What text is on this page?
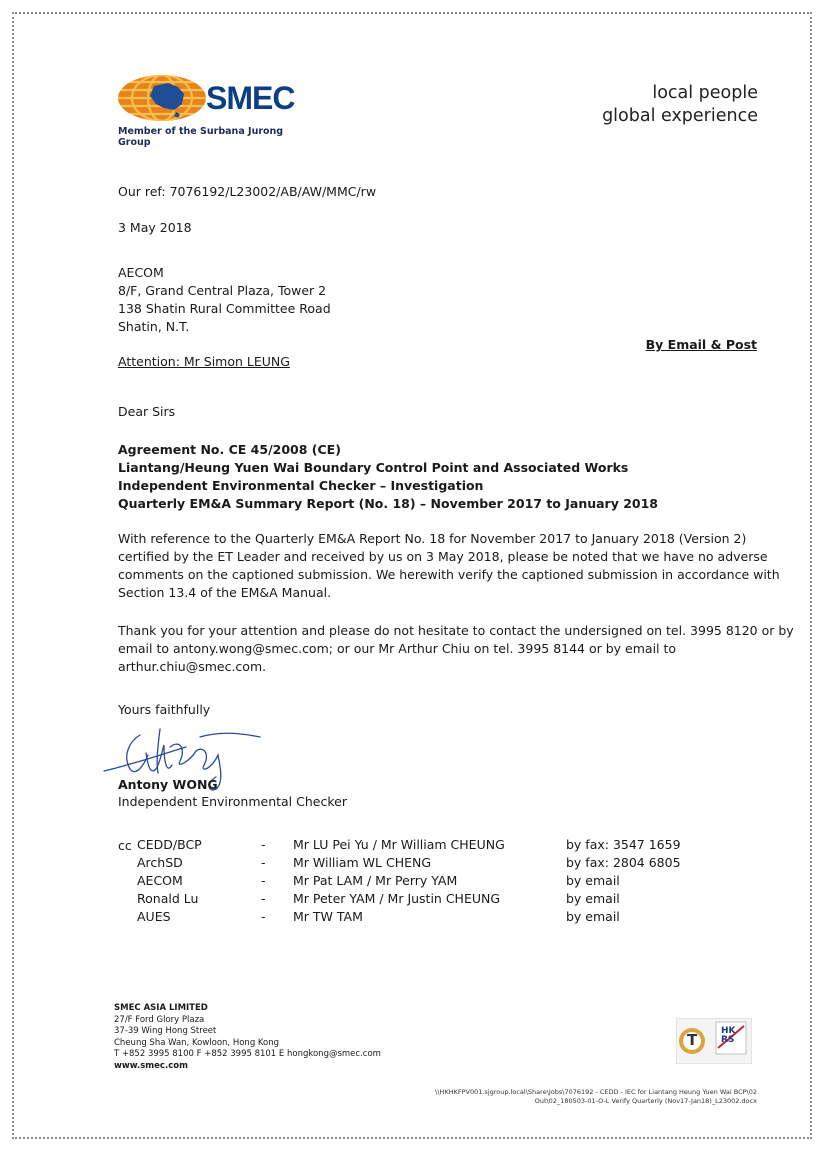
SMEC
Member of the Surbana Jurong Group
local people
global experience
Our ref: 7076192/L23002/AB/AW/MMC/rw
3 May 2018
AECOM
8/F, Grand Central Plaza, Tower 2
138 Shatin Rural Committee Road
Shatin, N.T.
By Email & Post
Attention: Mr Simon LEUNG
Dear Sirs
Agreement No. CE 45/2008 (CE)
Liantang/Heung Yuen Wai Boundary Control Point and Associated Works
Independent Environmental Checker – Investigation
Quarterly EM&A Summary Report (No. 18) – November 2017 to January 2018
With reference to the Quarterly EM&A Report No. 18 for November 2017 to January 2018 (Version 2)
certified by the ET Leader and received by us on 3 May 2018, please be noted that we have no adverse
comments on the captioned submission. We herewith verify the captioned submission in accordance with
Section 13.4 of the EM&A Manual.
Thank you for your attention and please do not hesitate to contact the undersigned on tel. 3995 8120 or by
email to antony.wong@smec.com; or our Mr Arthur Chiu on tel. 3995 8144 or by email to
arthur.chiu@smec.com.
Yours faithfully
Antony WONG
Independent Environmental Checker
cc CEDD/BCP	- Mr LU Pei Yu / Mr William CHEUNG	by fax: 3547 1659
ArchSD	- Mr William WL CHENG	by fax: 2804 6805
AECOM	- Mr Pat LAM / Mr Perry YAM	by email
Ronald Lu	- Mr Peter YAM / Mr Justin CHEUNG	by email
AUES	- Mr TW TAM	by email
SMEC ASIA LIMITED
27/F Ford Glory Plaza
37-39 Wing Hong Street
Cheung Sha Wan, Kowloon, Hong Kong
T +852 3995 8100 F +852 3995 8101 E hongkong@smec.com
www.smec.com
T	HKRS
\\HKHKFPV001.sjgroup.local\Share\Jobs\7076192 - CEDD - IEC for Liantang Heung Yuen Wai BCP\02
Out\02_180503-01-O-L Verify Quarterly (Nov17-Jan18)_L23002.docx
